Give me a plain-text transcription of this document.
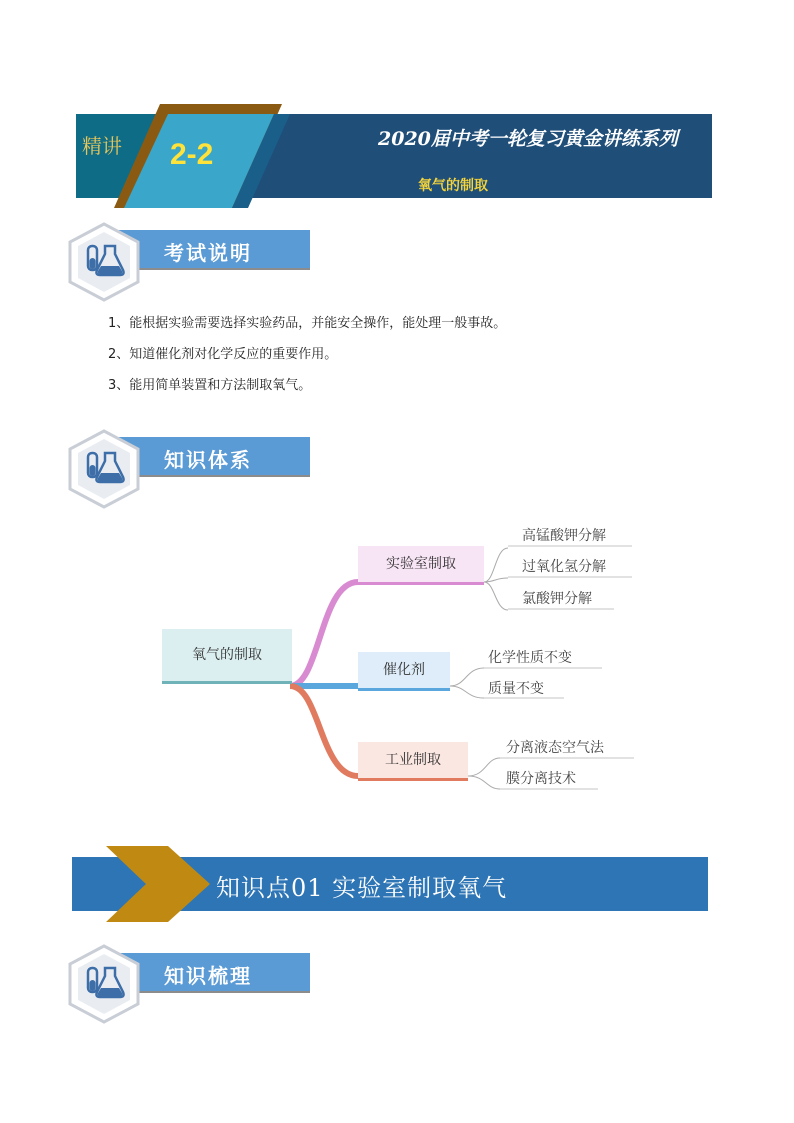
精讲 2-2	2020届中考一轮复习黄金讲练系列
氧气的制取
考试说明
1、能根据实验需要选择实验药品，并能安全操作，能处理一般事故。
2、知道催化剂对化学反应的重要作用。
3、能用简单装置和方法制取氧气。
知识体系
氧气的制取
实验室制取
催化剂
工业制取
高锰酸钾分解
过氧化氢分解
氯酸钾分解
化学性质不变
质量不变
分离液态空气法
膜分离技术
知识点01 实验室制取氧气
知识梳理
